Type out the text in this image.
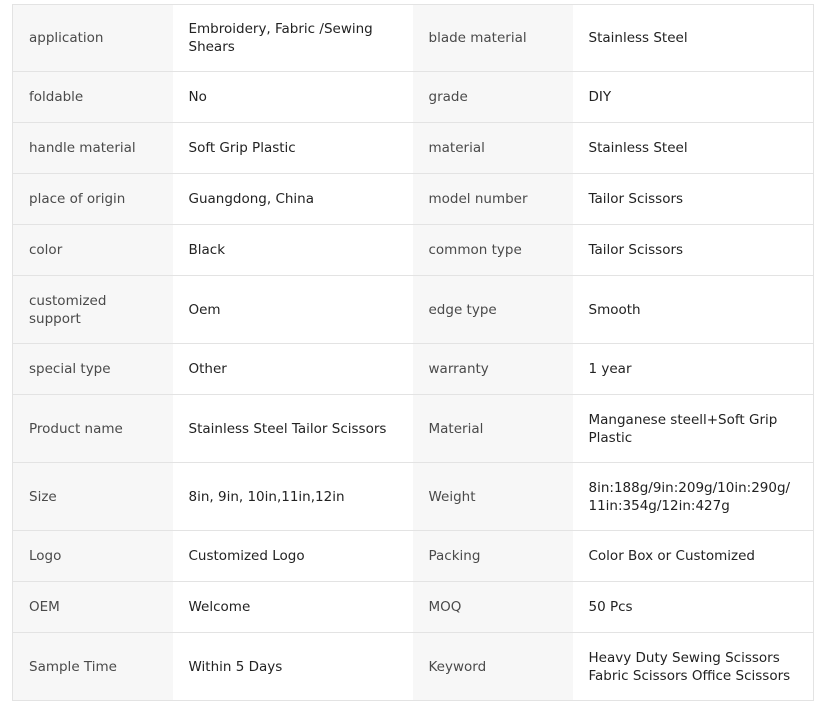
application	Embroidery, Fabric /Sewing Shears	blade material	Stainless Steel
foldable	No	grade	DIY
handle material	Soft Grip Plastic	material	Stainless Steel
place of origin	Guangdong, China	model number	Tailor Scissors
color	Black	common type	Tailor Scissors
customized support	Oem	edge type	Smooth
special type	Other	warranty	1 year
Product name	Stainless Steel Tailor Scissors	Material	Manganese steell+Soft Grip Plastic
Size	8in, 9in, 10in,11in,12in	Weight	8in:188g/9in:209g/10in:290g/11in:354g/12in:427g
Logo	Customized Logo	Packing	Color Box or Customized
OEM	Welcome	MOQ	50 Pcs
Sample Time	Within 5 Days	Keyword	Heavy Duty Sewing Scissors Fabric Scissors Office Scissors
